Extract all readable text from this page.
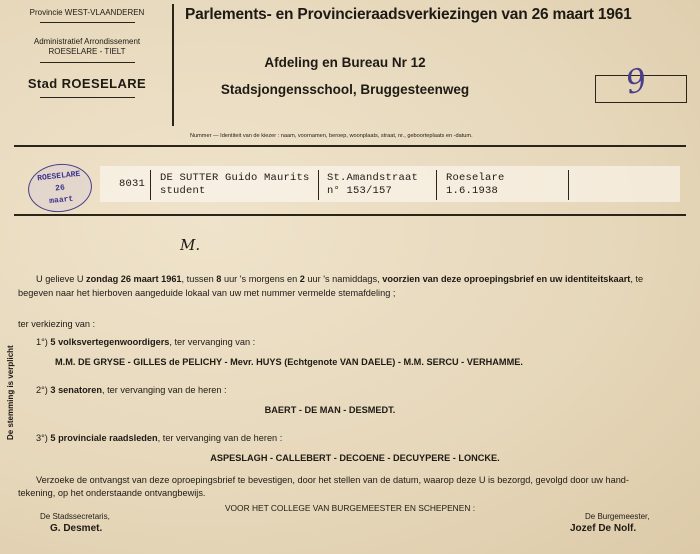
Provincie WEST-VLAANDEREN
Administratief Arrondissement
ROESELARE - TIELT
Stad ROESELARE
Parlements- en Provincieraadsverkiezingen van 26 maart 1961
Afdeling en Bureau Nr 12
Stadsjongensschool, Bruggesteenweg	9
Nummer — Identiteit van de kiezer : naam, voornamen, beroep, woonplaats, straat, nr., geboorteplaats en -datum.
ROESELARE
26
maart
8031 DE SUTTER Guido Maurits
student
St.Amandstraat
n° 153/157
Roeselare
1.6.1938
M.
U gelieve U zondag 26 maart 1961, tussen 8 uur 's morgens en 2 uur 's namiddags, voorzien van deze oproepingsbrief en uw identiteitskaart, te
begeven naar het hierboven aangeduide lokaal van uw met nummer vermelde stemafdeling ;
ter verkiezing van :
De stemming is verplicht
1°) 5 volksvertegenwoordigers, ter vervanging van :
M.M. DE GRYSE - GILLES de PELICHY - Mevr. HUYS (Echtgenote VAN DAELE) - M.M. SERCU - VERHAMME.
2°) 3 senatoren, ter vervanging van de heren :
BAERT - DE MAN - DESMEDT.
3°) 5 provinciale raadsleden, ter vervanging van de heren :
ASPESLAGH - CALLEBERT - DECOENE - DECUYPERE - LONCKE.
Verzoeke de ontvangst van deze oproepingsbrief te bevestigen, door het stellen van de datum, waarop deze U is bezorgd, gevolgd door uw hand-
tekening, op het onderstaande ontvangbewijs.
VOOR HET COLLEGE VAN BURGEMEESTER EN SCHEPENEN :
De Stadssecretaris,
G. Desmet.
De Burgemeester,
Jozef De Nolf.
